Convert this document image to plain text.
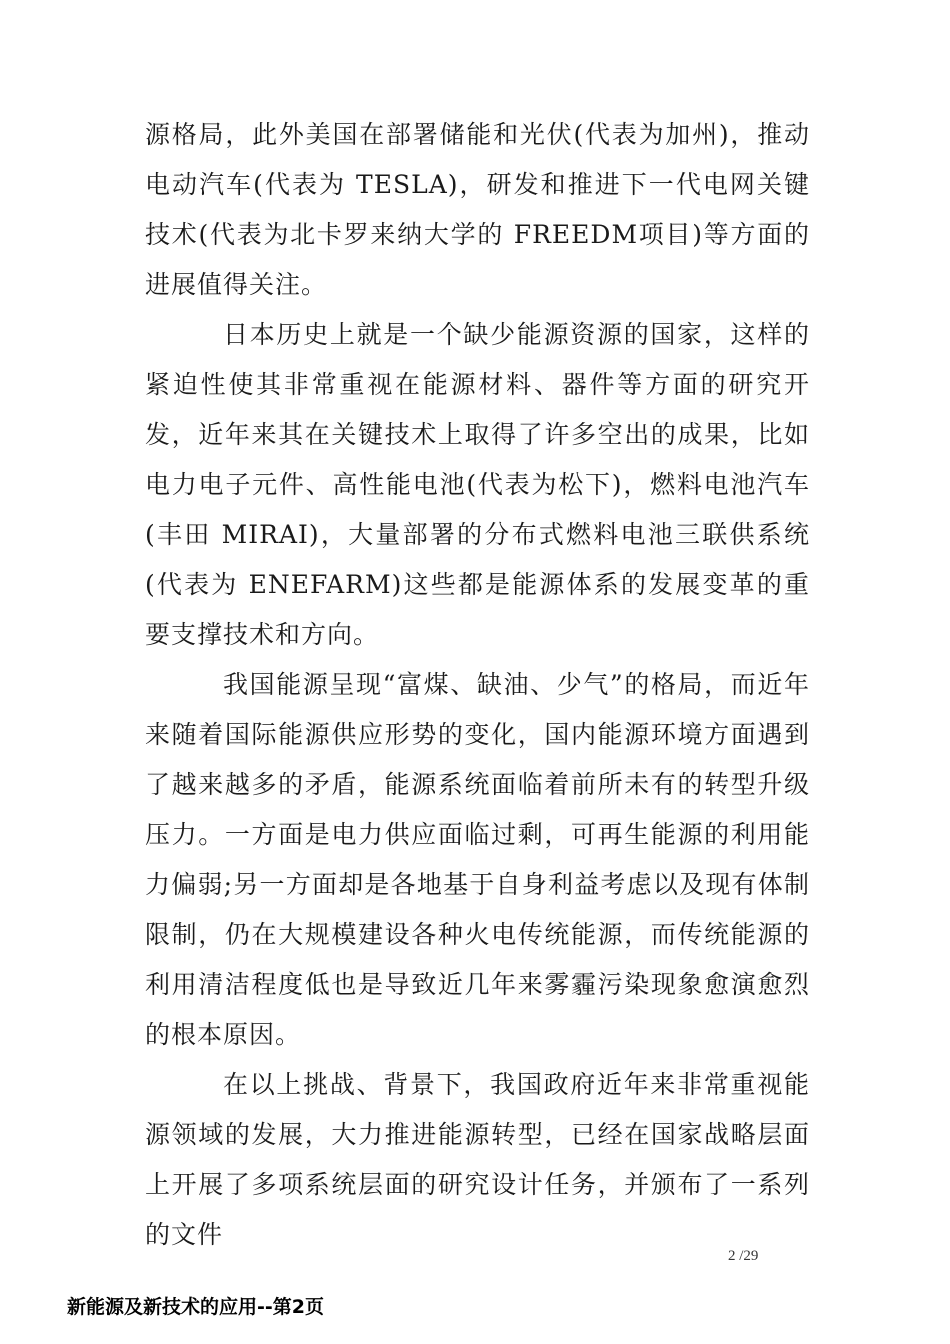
源格局，此外美国在部署储能和光伏(代表为加州)，推动电动汽车(代表为 TESLA)，研发和推进下一代电网关键技术(代表为北卡罗来纳大学的 FREEDM项目)等方面的进展值得关注。

日本历史上就是一个缺少能源资源的国家，这样的紧迫性使其非常重视在能源材料、器件等方面的研究开发，近年来其在关键技术上取得了许多空出的成果，比如电力电子元件、高性能电池(代表为松下)，燃料电池汽车(丰田 MIRAI)，大量部署的分布式燃料电池三联供系统(代表为 ENEFARM)这些都是能源体系的发展变革的重要支撑技术和方向。

我国能源呈现“富煤、缺油、少气”的格局，而近年来随着国际能源供应形势的变化，国内能源环境方面遇到了越来越多的矛盾，能源系统面临着前所未有的转型升级压力。一方面是电力供应面临过剩，可再生能源的利用能力偏弱;另一方面却是各地基于自身利益考虑以及现有体制限制，仍在大规模建设各种火电传统能源，而传统能源的利用清洁程度低也是导致近几年来雾霾污染现象愈演愈烈的根本原因。

在以上挑战、背景下，我国政府近年来非常重视能源领域的发展，大力推进能源转型，已经在国家战略层面上开展了多项系统层面的研究设计任务，并颁布了一系列的文件

2 /29
新能源及新技术的应用--第2页
